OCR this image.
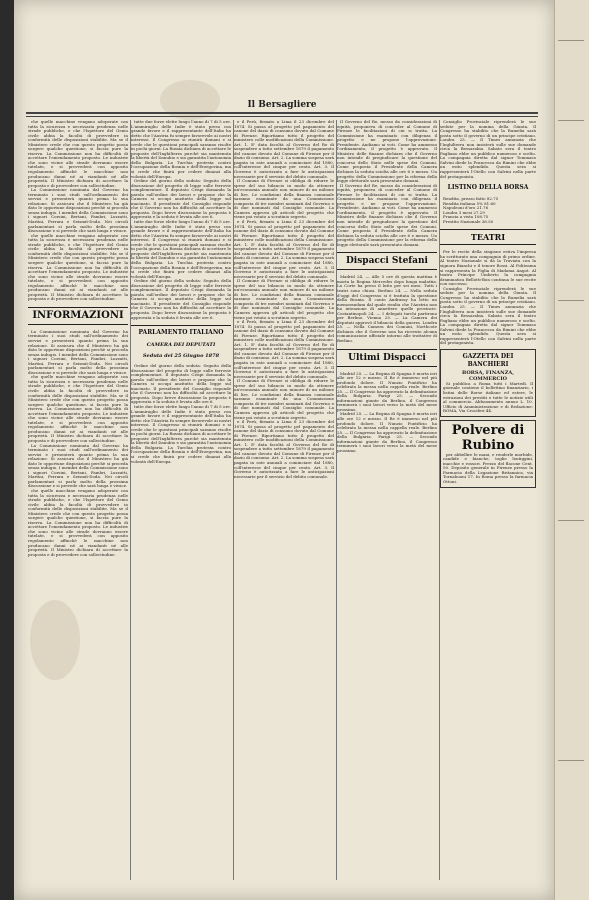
Il Bersagliere

che quelle macchine vengano adoperate con tutta la sicurezza e necessaria prudenza nelle strade pubbliche, e che l'Ispettore del Genio civile abbia la facoltà di provvedere in conformità delle disposizioni stabilite. Ma se il Ministero crede che con questo progetto possa sorgere qualche questione, si faccia pure la riserva. La Commissione non ha difficoltà di accettare l'emendamento proposto. Le industrie che sono vicine alle strade dovranno essere tutelate, e si provvederà con apposito regolamento affinchè le macchine non producano danni né ai viandanti né alle proprietà. Il Ministro dichiara di accettare la proposta e di provvedere con sollecitudine.

La Commissione nominata dal Governo ha terminato i suoi studi sull'ordinamento dei servizi e presenterà quanto prima la sua relazione. Si assicura che il Ministero ha già dato le opportune disposizioni perchè si proceda senza indugio. I membri della Commissione sono i signori Corsini, Bertani, Fambri, Luzzatti, Martini, Ferrara e Seismit-Doda. Nei circoli parlamentari si parla molto della prossima discussione e si prevede che sarà lunga e vivace.

che quelle macchine vengano adoperate con tutta la sicurezza e necessaria prudenza nelle strade pubbliche, e che l'Ispettore del Genio civile abbia la facoltà di provvedere in conformità delle disposizioni stabilite. Ma se il Ministero crede che con questo progetto possa sorgere qualche questione, si faccia pure la riserva. La Commissione non ha difficoltà di accettare l'emendamento proposto. Le industrie che sono vicine alle strade dovranno essere tutelate, e si provvederà con apposito regolamento affinchè le macchine non producano danni né ai viandanti né alle proprietà. Il Ministro dichiara di accettare la proposta e di provvedere con sollecitudine.

INFORMAZIONI

La Commissione nominata dal Governo ha terminato i suoi studi sull'ordinamento dei servizi e presenterà quanto prima la sua relazione. Si assicura che il Ministero ha già dato le opportune disposizioni perchè si proceda senza indugio. I membri della Commissione sono i signori Corsini, Bertani, Fambri, Luzzatti, Martini, Ferrara e Seismit-Doda. Nei circoli parlamentari si parla molto della prossima discussione e si prevede che sarà lunga e vivace.

che quelle macchine vengano adoperate con tutta la sicurezza e necessaria prudenza nelle strade pubbliche, e che l'Ispettore del Genio civile abbia la facoltà di provvedere in conformità delle disposizioni stabilite. Ma se il Ministero crede che con questo progetto possa sorgere qualche questione, si faccia pure la riserva. La Commissione non ha difficoltà di accettare l'emendamento proposto. Le industrie che sono vicine alle strade dovranno essere tutelate, e si provvederà con apposito regolamento affinchè le macchine non producano danni né ai viandanti né alle proprietà. Il Ministro dichiara di accettare la proposta e di provvedere con sollecitudine.

La Commissione nominata dal Governo ha terminato i suoi studi sull'ordinamento dei servizi e presenterà quanto prima la sua relazione. Si assicura che il Ministero ha già dato le opportune disposizioni perchè si proceda senza indugio. I membri della Commissione sono i signori Corsini, Bertani, Fambri, Luzzatti, Martini, Ferrara e Seismit-Doda. Nei circoli parlamentari si parla molto della prossima discussione e si prevede che sarà lunga e vivace.

che quelle macchine vengano adoperate con tutta la sicurezza e necessaria prudenza nelle strade pubbliche, e che l'Ispettore del Genio civile abbia la facoltà di provvedere in conformità delle disposizioni stabilite. Ma se il Ministero crede che con questo progetto possa sorgere qualche questione, si faccia pure la riserva. La Commissione non ha difficoltà di accettare l'emendamento proposto. Le industrie che sono vicine alle strade dovranno essere tutelate, e si provvederà con apposito regolamento affinchè le macchine non producano danni né ai viandanti né alle proprietà. Il Ministro dichiara di accettare la proposta e di provvedere con sollecitudine.

tutte due forze elette lungo l'anno di 7 di 5 ore. L'ammiraglio delle Indie è stato preso con grande favore e il rappresentante dell'Italia ha detto che l'Austria fu sempre favorevole ai nostri interessi. Il Congresso si riunirà domani e si crede che le questioni principali saranno risolte in pochi giorni. La Russia dichiara di accettare le proposte dell'Inghilterra purchè sia mantenuta la libertà del Danubio e sia garantita l'autonomia della Bulgaria. La Turchia protesta contro l'occupazione della Bosnia e dell'Erzegovina, ma si crede che finirà per cedere dinanzi alla volontà dell'Europa.

Ordine del giorno della seduta: Seguito della discussione del progetto di legge sulle ferrovie complementari. Il deputato Crispi domanda la parola sull'ordine dei lavori e propone che la Camera si occupi anzitutto della legge sul macinato. Il presidente del Consiglio risponde che il Governo non ha difficoltà ad accettare la proposta. Dopo breve discussione la proposta è approvata e la seduta è levata alle ore 6.

tutte due forze elette lungo l'anno di 7 di 5 ore. L'ammiraglio delle Indie è stato preso con grande favore e il rappresentante dell'Italia ha detto che l'Austria fu sempre favorevole ai nostri interessi. Il Congresso si riunirà domani e si crede che le questioni principali saranno risolte in pochi giorni. La Russia dichiara di accettare le proposte dell'Inghilterra purchè sia mantenuta la libertà del Danubio e sia garantita l'autonomia della Bulgaria. La Turchia protesta contro l'occupazione della Bosnia e dell'Erzegovina, ma si crede che finirà per cedere dinanzi alla volontà dell'Europa.

Ordine del giorno della seduta: Seguito della discussione del progetto di legge sulle ferrovie complementari. Il deputato Crispi domanda la parola sull'ordine dei lavori e propone che la Camera si occupi anzitutto della legge sul macinato. Il presidente del Consiglio risponde che il Governo non ha difficoltà ad accettare la proposta. Dopo breve discussione la proposta è approvata e la seduta è levata alle ore 6.

PARLAMENTO ITALIANO
CAMERA DEI DEPUTATI
Seduta del 25 Giugno 1878

Ordine del giorno della seduta: Seguito della discussione del progetto di legge sulle ferrovie complementari. Il deputato Crispi domanda la parola sull'ordine dei lavori e propone che la Camera si occupi anzitutto della legge sul macinato. Il presidente del Consiglio risponde che il Governo non ha difficoltà ad accettare la proposta. Dopo breve discussione la proposta è approvata e la seduta è levata alle ore 6.

tutte due forze elette lungo l'anno di 7 di 5 ore. L'ammiraglio delle Indie è stato preso con grande favore e il rappresentante dell'Italia ha detto che l'Austria fu sempre favorevole ai nostri interessi. Il Congresso si riunirà domani e si crede che le questioni principali saranno risolte in pochi giorni. La Russia dichiara di accettare le proposte dell'Inghilterra purchè sia mantenuta la libertà del Danubio e sia garantita l'autonomia della Bulgaria. La Turchia protesta contro l'occupazione della Bosnia e dell'Erzegovina, ma si crede che finirà per cedere dinanzi alla volontà dell'Europa.

e il Perù, firmato a Lima il 23 dicembre del 1874. Si passa al progetto pel pagamento del canone del dazio di consumo dovuto dal Comune di Firenze. Riportiamo tutto il progetto del ministero colle modificazioni della Commissione. Art. 1. E' data facoltà al Governo del Re di sospendere a tutto settembre 1879 il pagamento del canone dovuto dal Comune di Firenze per il dazio di consumo. Art. 2. La somma sospesa sarà pagata in rate annuali a cominciare dal 1880, coll'interesse del cinque per cento. Art. 3. Il Governo è autorizzato a fare le anticipazioni necessarie per il servizio del debito comunale.

Il Comune di Firenze si obbliga di ridurre le spese del suo bilancio in modo da ottenere un'economia annuale non minore di un milione di lire. Le condizioni della finanza comunale saranno esaminate da una Commissione composta di tre membri nominati dal Governo e di due nominati dal Consiglio comunale. La Camera approva gli articoli del progetto che viene poi votato a scrutinio segreto.

e il Perù, firmato a Lima il 23 dicembre del 1874. Si passa al progetto pel pagamento del canone del dazio di consumo dovuto dal Comune di Firenze. Riportiamo tutto il progetto del ministero colle modificazioni della Commissione. Art. 1. E' data facoltà al Governo del Re di sospendere a tutto settembre 1879 il pagamento del canone dovuto dal Comune di Firenze per il dazio di consumo. Art. 2. La somma sospesa sarà pagata in rate annuali a cominciare dal 1880, coll'interesse del cinque per cento. Art. 3. Il Governo è autorizzato a fare le anticipazioni necessarie per il servizio del debito comunale.

Il Comune di Firenze si obbliga di ridurre le spese del suo bilancio in modo da ottenere un'economia annuale non minore di un milione di lire. Le condizioni della finanza comunale saranno esaminate da una Commissione composta di tre membri nominati dal Governo e di due nominati dal Consiglio comunale. La Camera approva gli articoli del progetto che viene poi votato a scrutinio segreto.

e il Perù, firmato a Lima il 23 dicembre del 1874. Si passa al progetto pel pagamento del canone del dazio di consumo dovuto dal Comune di Firenze. Riportiamo tutto il progetto del ministero colle modificazioni della Commissione. Art. 1. E' data facoltà al Governo del Re di sospendere a tutto settembre 1879 il pagamento del canone dovuto dal Comune di Firenze per il dazio di consumo. Art. 2. La somma sospesa sarà pagata in rate annuali a cominciare dal 1880, coll'interesse del cinque per cento. Art. 3. Il Governo è autorizzato a fare le anticipazioni necessarie per il servizio del debito comunale.

Il Comune di Firenze si obbliga di ridurre le spese del suo bilancio in modo da ottenere un'economia annuale non minore di un milione di lire. Le condizioni della finanza comunale saranno esaminate da una Commissione composta di tre membri nominati dal Governo e di due nominati dal Consiglio comunale. La Camera approva gli articoli del progetto che viene poi votato a scrutinio segreto.

e il Perù, firmato a Lima il 23 dicembre del 1874. Si passa al progetto pel pagamento del canone del dazio di consumo dovuto dal Comune di Firenze. Riportiamo tutto il progetto del ministero colle modificazioni della Commissione. Art. 1. E' data facoltà al Governo del Re di sospendere a tutto settembre 1879 il pagamento del canone dovuto dal Comune di Firenze per il dazio di consumo. Art. 2. La somma sospesa sarà pagata in rate annuali a cominciare dal 1880, coll'interesse del cinque per cento. Art. 3. Il Governo è autorizzato a fare le anticipazioni necessarie per il servizio del debito comunale.

Il Governo del Re, mosso da considerazioni di equità, proponeva di conceder al Comune di Firenze le facilitazioni di cui si tratta. La Commissione ha esaminato con diligenza il progetto e ne propone l'approvazione. Presidente. Andiamo ai voti. Come ha ammesso l'ordinamento, il progetto è approvato. Il Ministro delle finanze dichiara che il Governo non intende di pregiudicare la questione del concorso dello Stato nelle spese dei Comuni. Come proposta il Presidente della Camera dichiara la seduta sciolta alle ore 6 e mezzo. Un progetto della Commissione per la riforma della legge elettorale sarà presentato domani.

Il Governo del Re, mosso da considerazioni di equità, proponeva di conceder al Comune di Firenze le facilitazioni di cui si tratta. La Commissione ha esaminato con diligenza il progetto e ne propone l'approvazione. Presidente. Andiamo ai voti. Come ha ammesso l'ordinamento, il progetto è approvato. Il Ministro delle finanze dichiara che il Governo non intende di pregiudicare la questione del concorso dello Stato nelle spese dei Comuni. Come proposta il Presidente della Camera dichiara la seduta sciolta alle ore 6 e mezzo. Un progetto della Commissione per la riforma della legge elettorale sarà presentato domani.

Dispacci Stefani

Madrid 24. — Alle 5 ore di questa mattina è morta la Regina Mercedes dopo lunga malattia. La Corte ha preso il lutto per sei mesi. Tutti i teatri sono chiusi. Berlino 24. — Nella seduta d'oggi del Congresso si è trattata la questione della Bosnia. Il conte Andrassy ha letto un memorandum dal quale risulta che l'Austria non ha intenzione di annettere quelle provincie. Costantinopoli 24. — I delegati turchi partirono per Berlino. Vienna 25. — La Camera dei deputati approvò il bilancio della guerra. Londra 25. — Nella Camera dei Comuni, Northcote dichiara che il Governo non ha ricevuto alcuna comunicazione ufficiale intorno alle trattative di Berlino.

Ultimi Dispacci

Madrid 25. — La Regina di Spagna è morta ieri alle ore 12 e mezzo. Il Re è immerso nel più profondo dolore. Il Nunzio Pontificio ha celebrato la messa nella cappella reale. Berlino 25. — Il Congresso ha approvato la delimitazione della Bulgaria. Parigi 25. — Secondo informazioni giunte da Berlino, il Congresso terminerà i suoi lavori verso la metà del mese prossimo.

Madrid 25. — La Regina di Spagna è morta ieri alle ore 12 e mezzo. Il Re è immerso nel più profondo dolore. Il Nunzio Pontificio ha celebrato la messa nella cappella reale. Berlino 25. — Il Congresso ha approvato la delimitazione della Bulgaria. Parigi 25. — Secondo informazioni giunte da Berlino, il Congresso terminerà i suoi lavori verso la metà del mese prossimo.

Consiglio Provinciale riprenderà le sue sedute per la nomina della Giunta. Il Congresso ha stabilito che la Rumelia sarà posta sotto il governo di un principe cristiano. Londra 25. — Il Times annunzia che l'Inghilterra non insisterà sulle sue domande circa la Bessarabia. Sabato sera il teatro Pagliano ebbe un pubblico numeroso e scelto. La compagnia diretta dal signor Tommaso Salvini diede la Francesca da Rimini che ebbe un esito splendido. Questa sera si rappresenterà l'Otello con Salvini nella parte del protagonista.

LISTINO DELLA BORSA

Rendita, prezzo fatto 82.75

Rendita italiana 5% 81.60

Napoleoni d'oro 21.76

Londra 3 mesi 27.29

Francia a vista 108.75

Prestito Nazionale 36.50

TEATRI

Per le recite della stagione estiva l'impresa ha scritturato una compagnia di primo ordine. Al teatro Nazionale si dà la Traviata con la signora Bianchi e il tenore Rossi. Al Politeama si rappresenta la Figlia di Madama Angot. Al teatro Principe Umberto la compagnia drammatica Bellotti-Bon continua le sue recite con successo.

Consiglio Provinciale riprenderà le sue sedute per la nomina della Giunta. Il Congresso ha stabilito che la Rumelia sarà posta sotto il governo di un principe cristiano. Londra 25. — Il Times annunzia che l'Inghilterra non insisterà sulle sue domande circa la Bessarabia. Sabato sera il teatro Pagliano ebbe un pubblico numeroso e scelto. La compagnia diretta dal signor Tommaso Salvini diede la Francesca da Rimini che ebbe un esito splendido. Questa sera si rappresenterà l'Otello con Salvini nella parte del protagonista.

GAZZETTA DEI BANCHIERI
BORSA, FINANZA, COMMERCIO

Si pubblica a Roma tutti i Martedì. Il giornale contiene il bollettino finanziario, i listini delle Borse italiane ed estere, le estrazioni dei prestiti e tutte le notizie utili al commercio. Abbonamento annuo L. 10. Ufficio di Amministrazione e di Redazione: ROMA, Via Crociferi 44.

Polvere di Rubino

per abbellire le mani, e renderle morbide, candide e bianche, toglie lentiggini, macchie e rossori. Prezzo del flacone Cent. 50. Deposito generale in Firenze presso la Farmacia della Legazione Britannica, via Tornabuoni 17. In Roma presso la farmacia Ottoni.
